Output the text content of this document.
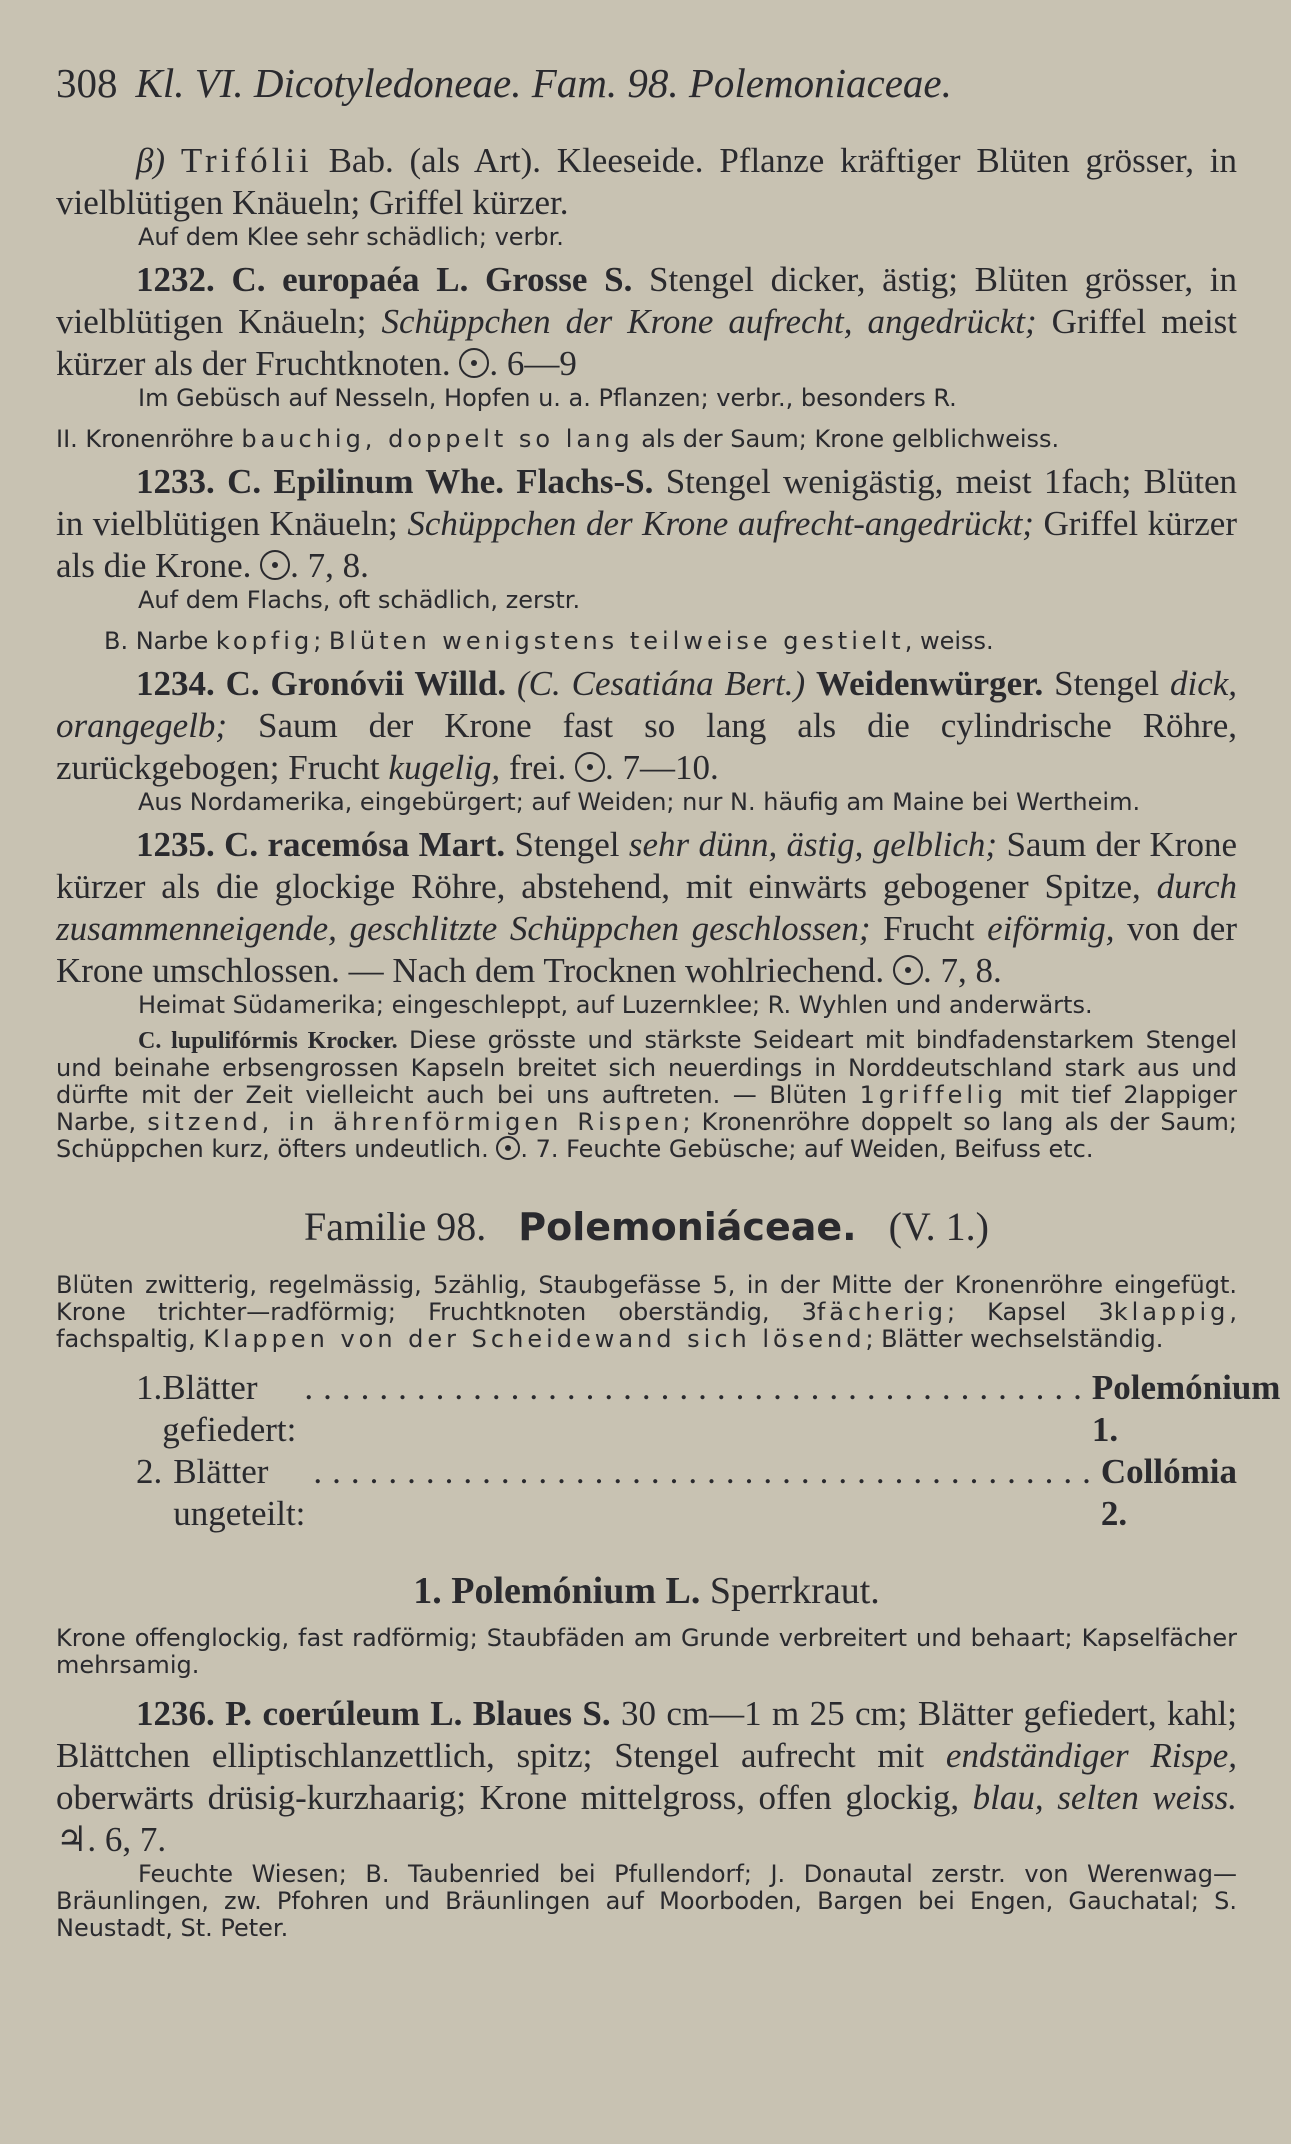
308 Kl. VI. Dicotyledoneae. Fam. 98. Polemoniaceae.
β) Trifólii Bab. (als Art). Kleeseide. Pflanze kräftiger Blüten grösser, in vielblütigen Knäueln; Griffel kürzer.
Auf dem Klee sehr schädlich; verbr.
1232. C. europaéa L. Grosse S. Stengel dicker, ästig; Blüten grösser, in vielblütigen Knäueln; Schüppchen der Krone aufrecht, angedrückt; Griffel meist kürzer als der Fruchtknoten. . 6—9
Im Gebüsch auf Nesseln, Hopfen u. a. Pflanzen; verbr., besonders R.
II. Kronenröhre bauchig, doppelt so lang als der Saum; Krone gelblichweiss.
1233. C. Epilinum Whe. Flachs-S. Stengel wenigästig, meist 1fach; Blüten in vielblütigen Knäueln; Schüppchen der Krone aufrecht-angedrückt; Griffel kürzer als die Krone. . 7, 8.
Auf dem Flachs, oft schädlich, zerstr.
B. Narbe kopfig; Blüten wenigstens teilweise gestielt, weiss.
1234. C. Gronóvii Willd. (C. Cesatiána Bert.) Weidenwürger. Stengel dick, orangegelb; Saum der Krone fast so lang als die cylindrische Röhre, zurückgebogen; Frucht kugelig, frei. . 7—10.
Aus Nordamerika, eingebürgert; auf Weiden; nur N. häufig am Maine bei Wertheim.
1235. C. racemósa Mart. Stengel sehr dünn, ästig, gelblich; Saum der Krone kürzer als die glockige Röhre, abstehend, mit einwärts gebogener Spitze, durch zusammenneigende, geschlitzte Schüppchen geschlossen; Frucht eiförmig, von der Krone umschlossen. — Nach dem Trocknen wohlriechend. . 7, 8.
Heimat Südamerika; eingeschleppt, auf Luzernklee; R. Wyhlen und anderwärts.
C. lupulifórmis Krocker. Diese grösste und stärkste Seideart mit bindfadenstarkem Stengel und beinahe erbsengrossen Kapseln breitet sich neuerdings in Norddeutschland stark aus und dürfte mit der Zeit vielleicht auch bei uns auftreten. — Blüten 1griffelig mit tief 2lappiger Narbe, sitzend, in ährenförmigen Rispen; Kronenröhre doppelt so lang als der Saum; Schüppchen kurz, öfters undeutlich. . 7. Feuchte Gebüsche; auf Weiden, Beifuss etc.
Familie 98. Polemoniáceae. (V. 1.)
Blüten zwitterig, regelmässig, 5zählig, Staubgefässe 5, in der Mitte der Kronenröhre eingefügt. Krone trichter—radförmig; Fruchtknoten oberständig, 3fächerig; Kapsel 3klappig, fachspaltig, Klappen von der Scheidewand sich lösend; Blätter wechselständig.
1. Blätter gefiedert:
.......................................... Polemónium 1.
2. Blätter ungeteilt:
.......................................... Collómia 2.
1. Polemónium L. Sperrkraut.
Krone offenglockig, fast radförmig; Staubfäden am Grunde verbreitert und behaart; Kapselfächer mehrsamig.
1236. P. coerúleum L. Blaues S. 30 cm—1 m 25 cm; Blätter gefiedert, kahl; Blättchen elliptischlanzettlich, spitz; Stengel aufrecht mit endständiger Rispe, oberwärts drüsig-kurzhaarig; Krone mittelgross, offen glockig, blau, selten weiss. ♃. 6, 7.
Feuchte Wiesen; B. Taubenried bei Pfullendorf; J. Donautal zerstr. von Werenwag—Bräunlingen, zw. Pfohren und Bräunlingen auf Moorboden, Bargen bei Engen, Gauchatal; S. Neustadt, St. Peter.
